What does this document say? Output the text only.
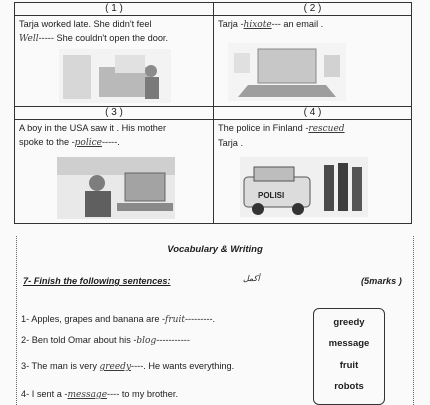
( 1 )
Tarja worked late. She didn't feel
Well----- She couldn't open the door.
( 2 )
Tarja -hixote--- an email .
( 3 )
A boy in the USA saw it . His mother
spoke to the -police-----.
( 4 )
The police in Finland -rescued
Tarja .
POLISI
Vocabulary & Writing
7- Finish the following sentences:	أكمل	(5marks )
1- Apples, grapes and banana are -fruit---------.
2- Ben told Omar about his -blog-----------
3- The man is very greedy----. He wants everything.
4- I sent a -message---- to my brother.
greedy
message
fruit
robots
